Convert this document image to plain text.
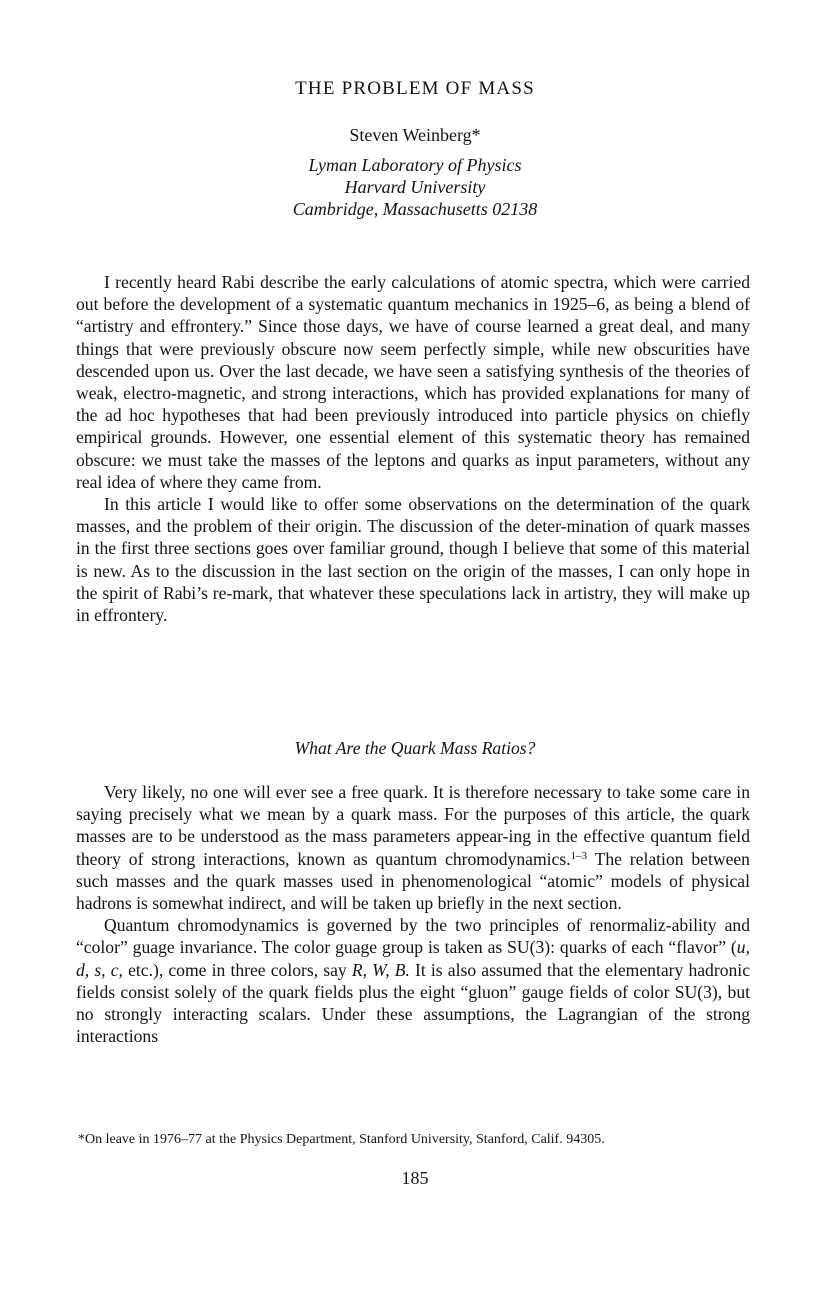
THE PROBLEM OF MASS
Steven Weinberg*
Lyman Laboratory of Physics
Harvard University
Cambridge, Massachusetts 02138

I recently heard Rabi describe the early calculations of atomic spectra, which were carried out before the development of a systematic quantum mechanics in 1925–6, as being a blend of “artistry and effrontery.” Since those days, we have of course learned a great deal, and many things that were previously obscure now seem perfectly simple, while new obscurities have descended upon us. Over the last decade, we have seen a satisfying synthesis of the theories of weak, electro-magnetic, and strong interactions, which has provided explanations for many of the ad hoc hypotheses that had been previously introduced into particle physics on chiefly empirical grounds. However, one essential element of this systematic theory has remained obscure: we must take the masses of the leptons and quarks as input parameters, without any real idea of where they came from.

In this article I would like to offer some observations on the determination of the quark masses, and the problem of their origin. The discussion of the deter-mination of quark masses in the first three sections goes over familiar ground, though I believe that some of this material is new. As to the discussion in the last section on the origin of the masses, I can only hope in the spirit of Rabi’s re-mark, that whatever these speculations lack in artistry, they will make up in effrontery.

What Are the Quark Mass Ratios?

Very likely, no one will ever see a free quark. It is therefore necessary to take some care in saying precisely what we mean by a quark mass. For the purposes of this article, the quark masses are to be understood as the mass parameters appear-ing in the effective quantum field theory of strong interactions, known as quantum chromodynamics.$^{1-3}$ The relation between such masses and the quark masses used in phenomenological “atomic” models of physical hadrons is somewhat indirect, and will be taken up briefly in the next section.

Quantum chromodynamics is governed by the two principles of renormaliz-ability and “color” guage invariance. The color guage group is taken as SU(3): quarks of each “flavor” (u, d, s, c, etc.), come in three colors, say R, W, B. It is also assumed that the elementary hadronic fields consist solely of the quark fields plus the eight “gluon” gauge fields of color SU(3), but no strongly interacting scalars. Under these assumptions, the Lagrangian of the strong interactions

*On leave in 1976–77 at the Physics Department, Stanford University, Stanford, Calif. 94305.

185
